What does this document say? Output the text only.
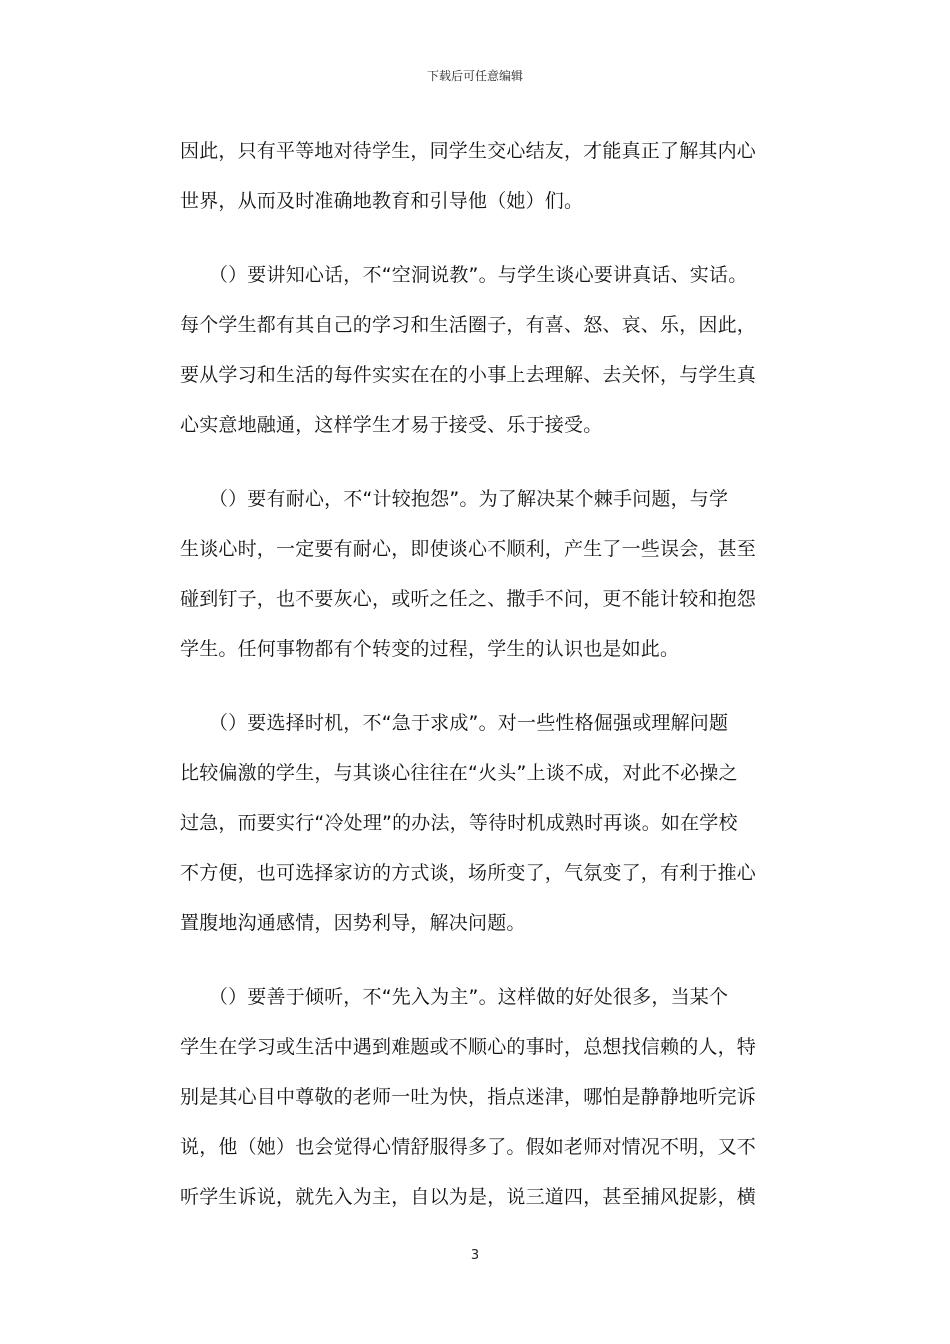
下载后可任意编辑

因此，只有平等地对待学生，同学生交心结友，才能真正了解其内心
世界，从而及时准确地教育和引导他（她）们。

　　（）要讲知心话，不“空洞说教”。与学生谈心要讲真话、实话。
每个学生都有其自己的学习和生活圈子，有喜、怒、哀、乐，因此，
要从学习和生活的每件实实在在的小事上去理解、去关怀，与学生真
心实意地融通，这样学生才易于接受、乐于接受。

　　（）要有耐心，不“计较抱怨”。为了解决某个棘手问题，与学
生谈心时，一定要有耐心，即使谈心不顺利，产生了一些误会，甚至
碰到钉子，也不要灰心，或听之任之、撒手不问，更不能计较和抱怨
学生。任何事物都有个转变的过程，学生的认识也是如此。

　　（）要选择时机，不“急于求成”。对一些性格倔强或理解问题
比较偏激的学生，与其谈心往往在“火头”上谈不成，对此不必操之
过急，而要实行“冷处理”的办法，等待时机成熟时再谈。如在学校
不方便，也可选择家访的方式谈，场所变了，气氛变了，有利于推心
置腹地沟通感情，因势利导，解决问题。

　　（）要善于倾听，不“先入为主”。这样做的好处很多，当某个
学生在学习或生活中遇到难题或不顺心的事时，总想找信赖的人，特
别是其心目中尊敬的老师一吐为快，指点迷津，哪怕是静静地听完诉
说，他（她）也会觉得心情舒服得多了。假如老师对情况不明，又不
听学生诉说，就先入为主，自以为是，说三道四，甚至捕风捉影，横

3
